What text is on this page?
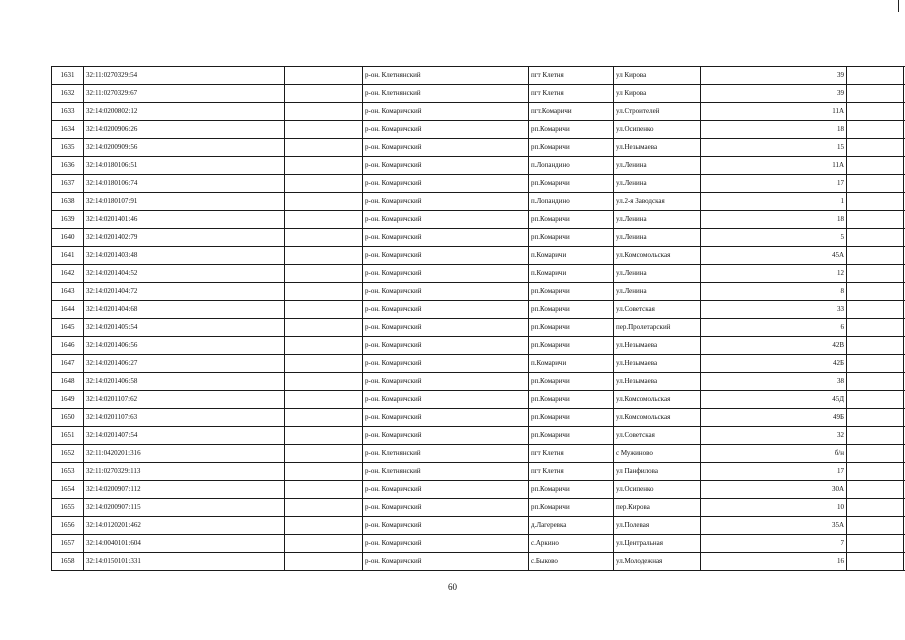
1631	32:11:0270329:54		р-он. Клетнянский	пгт Клетня	ул Кирова	39				
1632	32:11:0270329:67		р-он. Клетнянский	пгт Клетня	ул Кирова	39				
1633	32:14:0200802:12		р-он. Комаричский	пгт.Комаричи	ул.Строителей	11А				
1634	32:14:0200906:26		р-он. Комаричский	рп.Комаричи	ул.Осипенко	18				
1635	32:14:0200909:56		р-он. Комаричский	рп.Комаричи	ул.Незымаева	15				
1636	32:14:0180106:51		р-он. Комаричский	п.Лопандино	ул.Ленина	11А				
1637	32:14:0180106:74		р-он. Комаричский	рп.Комаричи	ул.Ленина	17				
1638	32:14:0180107:91		р-он. Комаричский	п.Лопандино	ул.2-я Заводская	1				
1639	32:14:0201401:46		р-он. Комаричский	рп.Комаричи	ул.Ленина	18				
1640	32:14:0201402:79		р-он. Комаричский	рп.Комаричи	ул.Ленина	5				
1641	32:14:0201403:48		р-он. Комаричский	п.Комаричи	ул.Комсомольская	45А				
1642	32:14:0201404:52		р-он. Комаричский	п.Комаричи	ул.Ленина	12				
1643	32:14:0201404:72		р-он. Комаричский	рп.Комаричи	ул.Ленина	8				
1644	32:14:0201404:68		р-он. Комаричский	рп.Комаричи	ул.Советская	33				
1645	32:14:0201405:54		р-он. Комаричский	рп.Комаричи	пер.Пролетарский	6				
1646	32:14:0201406:56		р-он. Комаричский	рп.Комаричи	ул.Незымаева	42В				
1647	32:14:0201406:27		р-он. Комаричский	п.Комаричи	ул.Незымаева	42Б				
1648	32:14:0201406:58		р-он. Комаричский	рп.Комаричи	ул.Незымаева	38				
1649	32:14:0201107:62		р-он. Комаричский	рп.Комаричи	ул.Комсомольская	45Д				
1650	32:14:0201107:63		р-он. Комаричский	рп.Комаричи	ул.Комсомольская	49Б				
1651	32:14:0201407:54		р-он. Комаричский	рп.Комаричи	ул.Советская	32				
1652	32:11:0420201:316		р-он. Клетнянский	пгт Клетня	с Мужиново	б/н				
1653	32:11:0270329:113		р-он. Клетнянский	пгт Клетня	ул Панфилова	17				
1654	32:14:0200907:112		р-он. Комаричский	рп.Комаричи	ул.Осипенко	30А				
1655	32:14:0200907:115		р-он. Комаричский	рп.Комаричи	пер.Кирова	10				
1656	32:14:0120201:462		р-он. Комаричский	д.Лагеревка	ул.Полевая	35А				
1657	32:14:0040101:604		р-он. Комаричский	с.Аркино	ул.Центральная	7				
1658	32:14:0150101:331		р-он. Комаричский	с.Быково	ул.Молодежная	16				
60
